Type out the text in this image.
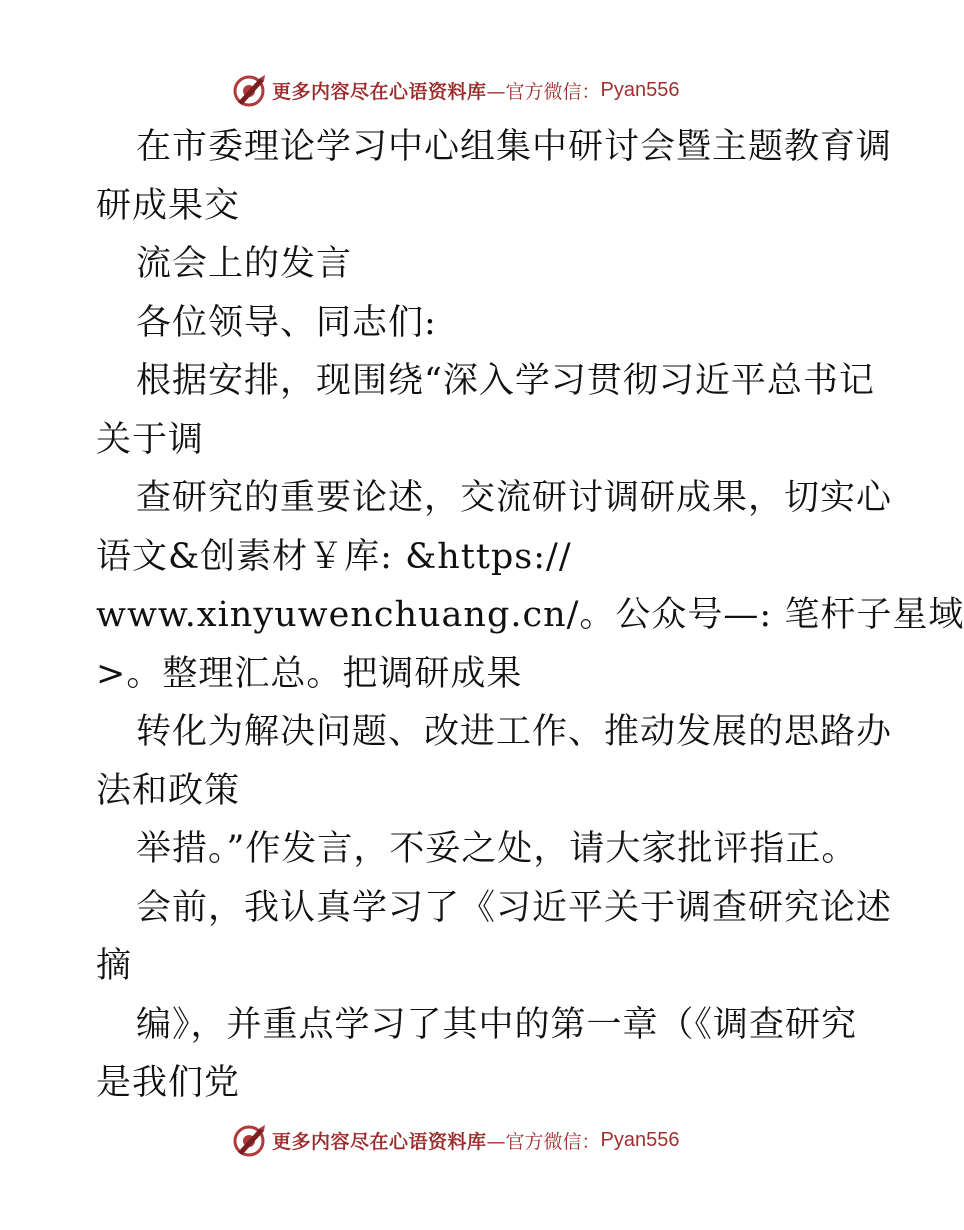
更多内容尽在心语资料库 —官方微信： Pyan556
在市委理论学习中心组集中研讨会暨主题教育调
研成果交
流会上的发言
各位领导、同志们:
根据安排，现围绕“深入学习贯彻习近平总书记
关于调
查研究的重要论述，交流研讨调研成果，切实心
语文&创素材￥库: &https://
www.xinyuwenchuang.cn/。公众号—: 笔杆子星域
>。整理汇总。把调研成果
转化为解决问题、改进工作、推动发展的思路办
法和政策
举措。”作发言，不妥之处，请大家批评指正。
会前，我认真学习了《习近平关于调查研究论述
摘
编》，并重点学习了其中的第一章（《调查研究
是我们党
更多内容尽在心语资料库 —官方微信： Pyan556
